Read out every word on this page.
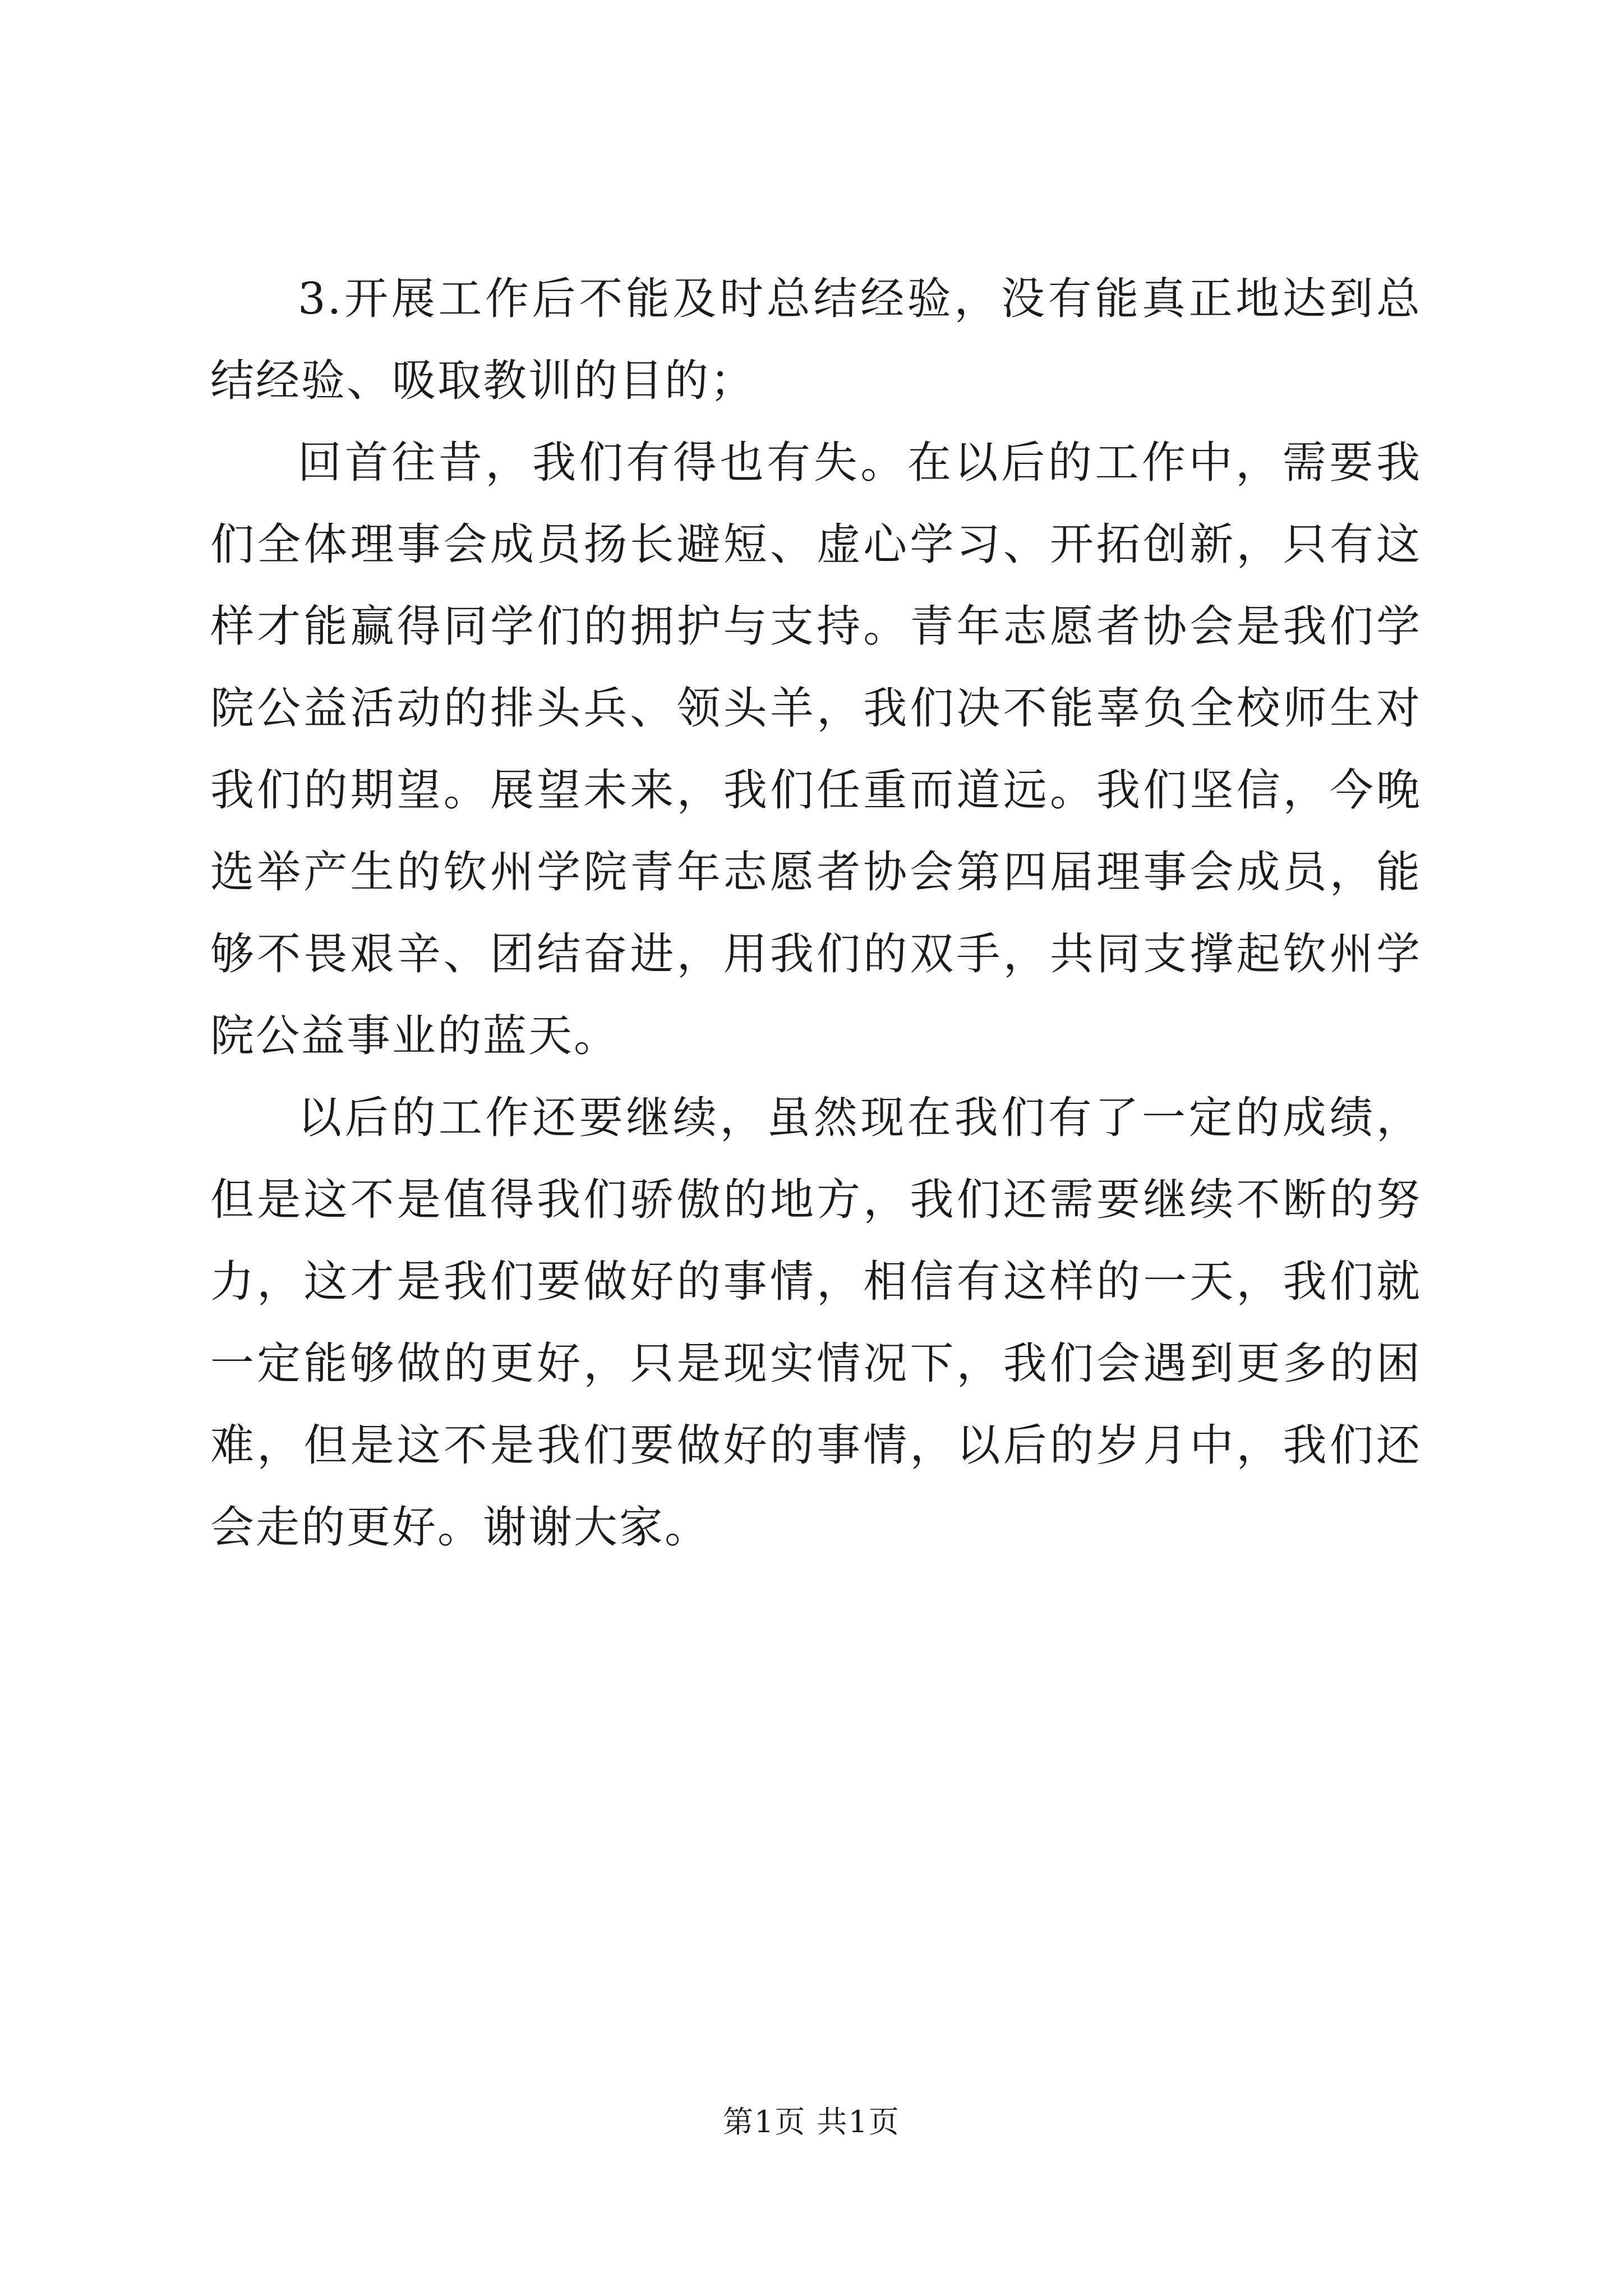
3.开展工作后不能及时总结经验，没有能真正地达到总结经验、吸取教训的目的；

回首往昔，我们有得也有失。在以后的工作中，需要我们全体理事会成员扬长避短、虚心学习、开拓创新，只有这样才能赢得同学们的拥护与支持。青年志愿者协会是我们学院公益活动的排头兵、领头羊，我们决不能辜负全校师生对我们的期望。展望未来，我们任重而道远。我们坚信，今晚选举产生的钦州学院青年志愿者协会第四届理事会成员，能够不畏艰辛、团结奋进，用我们的双手，共同支撑起钦州学院公益事业的蓝天。

以后的工作还要继续，虽然现在我们有了一定的成绩，但是这不是值得我们骄傲的地方，我们还需要继续不断的努力，这才是我们要做好的事情，相信有这样的一天，我们就一定能够做的更好，只是现实情况下，我们会遇到更多的困难，但是这不是我们要做好的事情，以后的岁月中，我们还会走的更好。谢谢大家。

第1页 共1页
